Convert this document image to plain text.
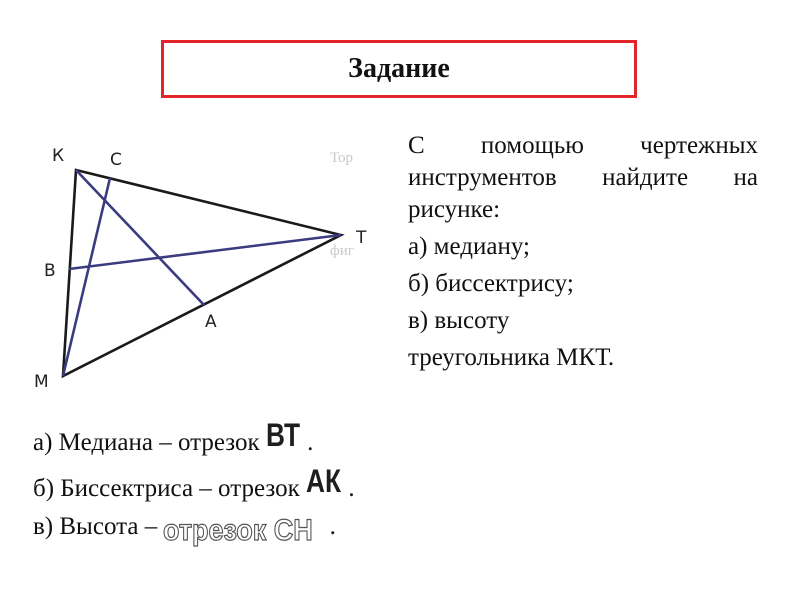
Задание
Тор
фиг
К	С
Т
В
А
М

С помощью чертежных инструментов найдите на рисунке:

а) медиану;

б) биссектрису;

в) высоту

треугольника МКТ.

а) Медиана – отрезок ВТ .
б) Биссектриса – отрезок АК .
в) Высота – отрезок СН .
